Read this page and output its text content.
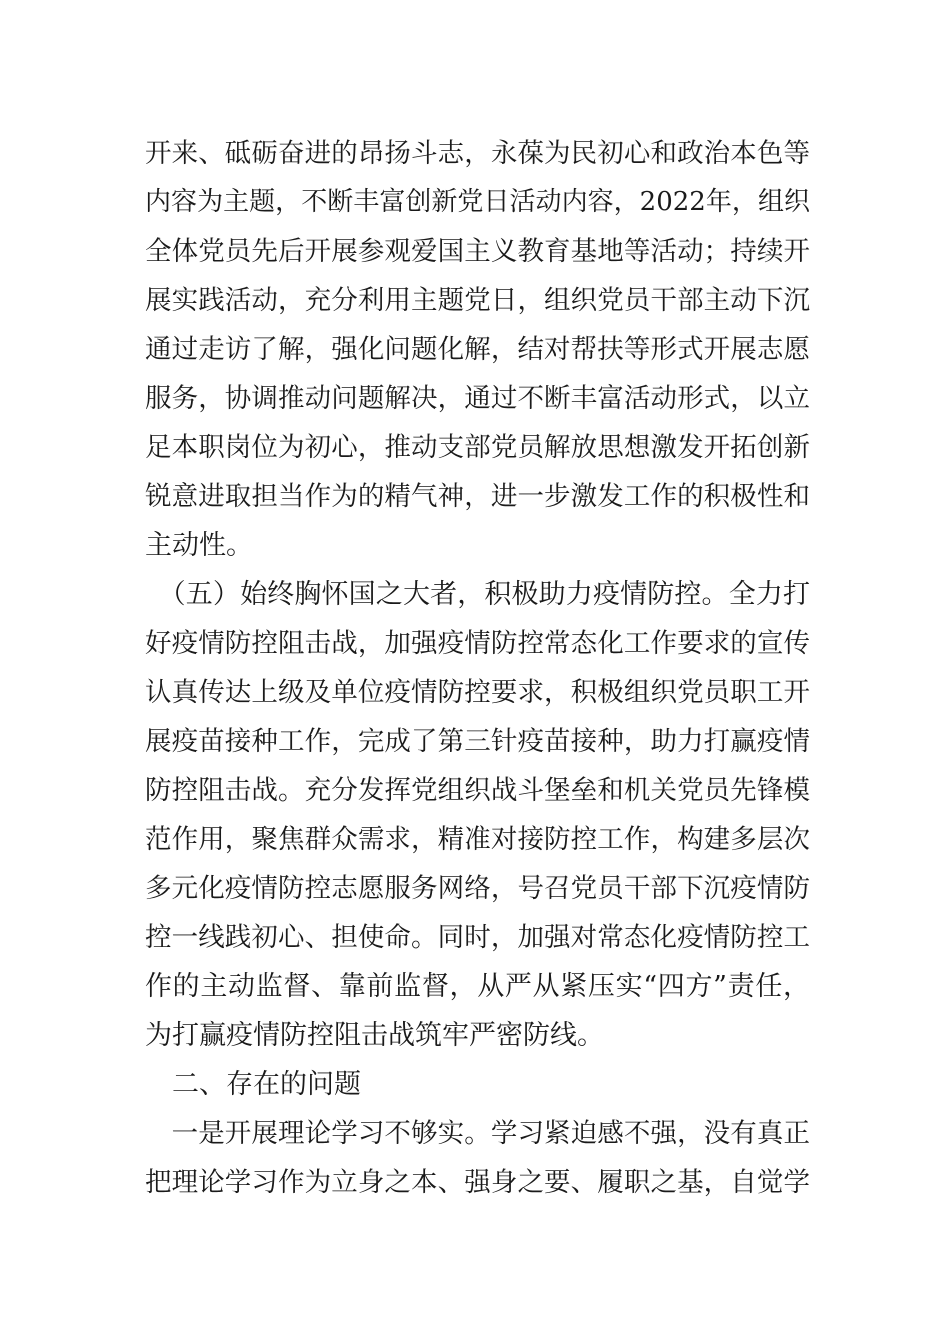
开来、砥砺奋进的昂扬斗志，永葆为民初心和政治本色等
内容为主题，不断丰富创新党日活动内容，2022年，组织
全体党员先后开展参观爱国主义教育基地等活动；持续开
展实践活动，充分利用主题党日，组织党员干部主动下沉
通过走访了解，强化问题化解，结对帮扶等形式开展志愿
服务，协调推动问题解决，通过不断丰富活动形式，以立
足本职岗位为初心，推动支部党员解放思想激发开拓创新
锐意进取担当作为的精气神，进一步激发工作的积极性和
主动性。
　（五）始终胸怀国之大者，积极助力疫情防控。全力打
好疫情防控阻击战，加强疫情防控常态化工作要求的宣传
认真传达上级及单位疫情防控要求，积极组织党员职工开
展疫苗接种工作，完成了第三针疫苗接种，助力打赢疫情
防控阻击战。充分发挥党组织战斗堡垒和机关党员先锋模
范作用，聚焦群众需求，精准对接防控工作，构建多层次
多元化疫情防控志愿服务网络，号召党员干部下沉疫情防
控一线践初心、担使命。同时，加强对常态化疫情防控工
作的主动监督、靠前监督，从严从紧压实“四方”责任，
为打赢疫情防控阻击战筑牢严密防线。
　二、存在的问题
　一是开展理论学习不够实。学习紧迫感不强，没有真正
把理论学习作为立身之本、强身之要、履职之基，自觉学
